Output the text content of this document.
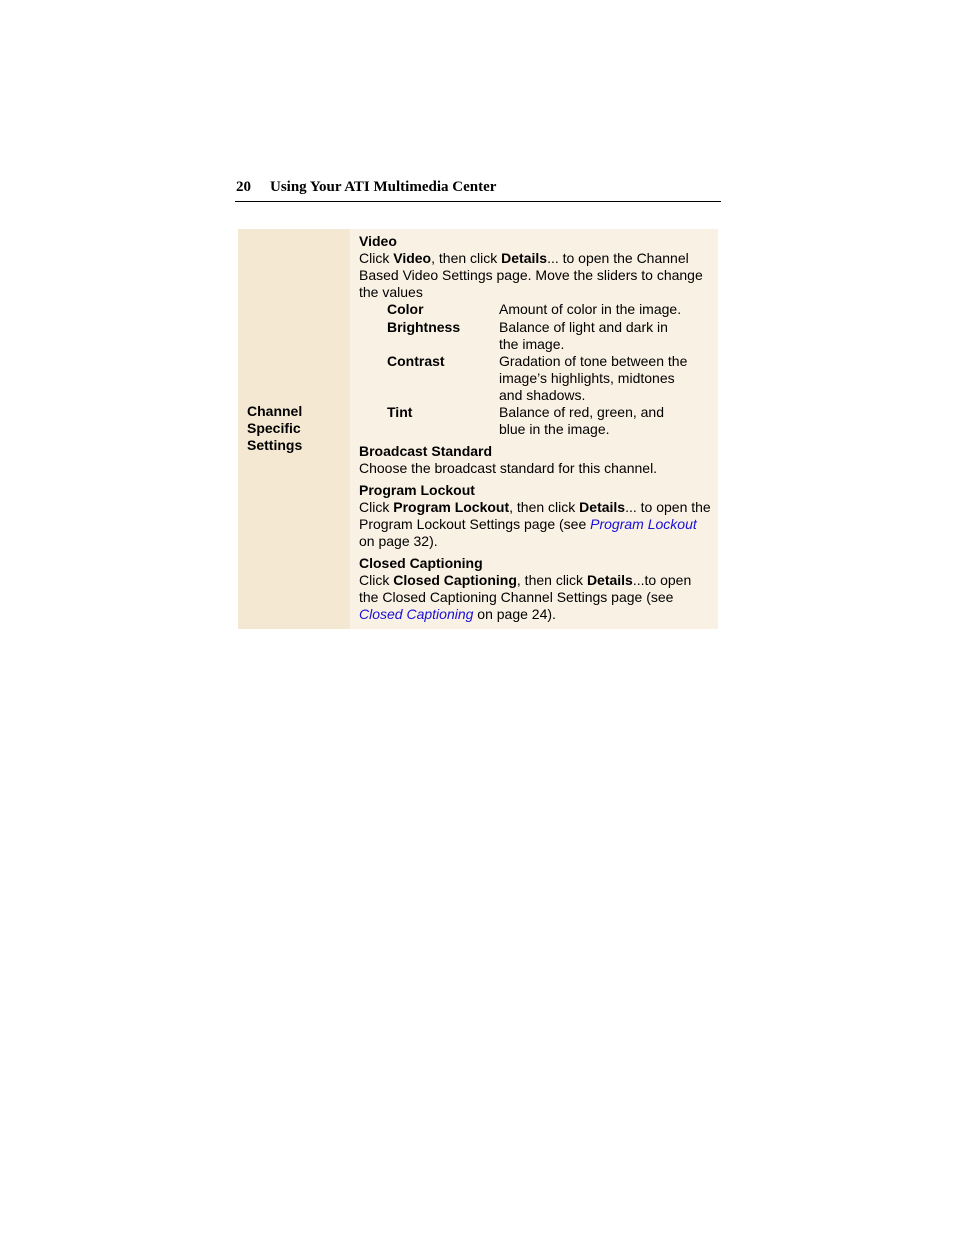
20 Using Your ATI Multimedia Center
Channel
Specific
Settings
Video
Click Video, then click Details... to open the Channel Based Video Settings page. Move the sliders to change the values
Color	Amount of color in the image.
Brightness	Balance of light and dark in
the image.
Contrast	Gradation of tone between the
image’s highlights, midtones
and shadows.
Tint	Balance of red, green, and
blue in the image.
Broadcast Standard
Choose the broadcast standard for this channel.
Program Lockout
Click Program Lockout, then click Details... to open the Program Lockout Settings page (see Program Lockout on page 32).
Closed Captioning
Click Closed Captioning, then click Details...to open the Closed Captioning Channel Settings page (see Closed Captioning on page 24).
